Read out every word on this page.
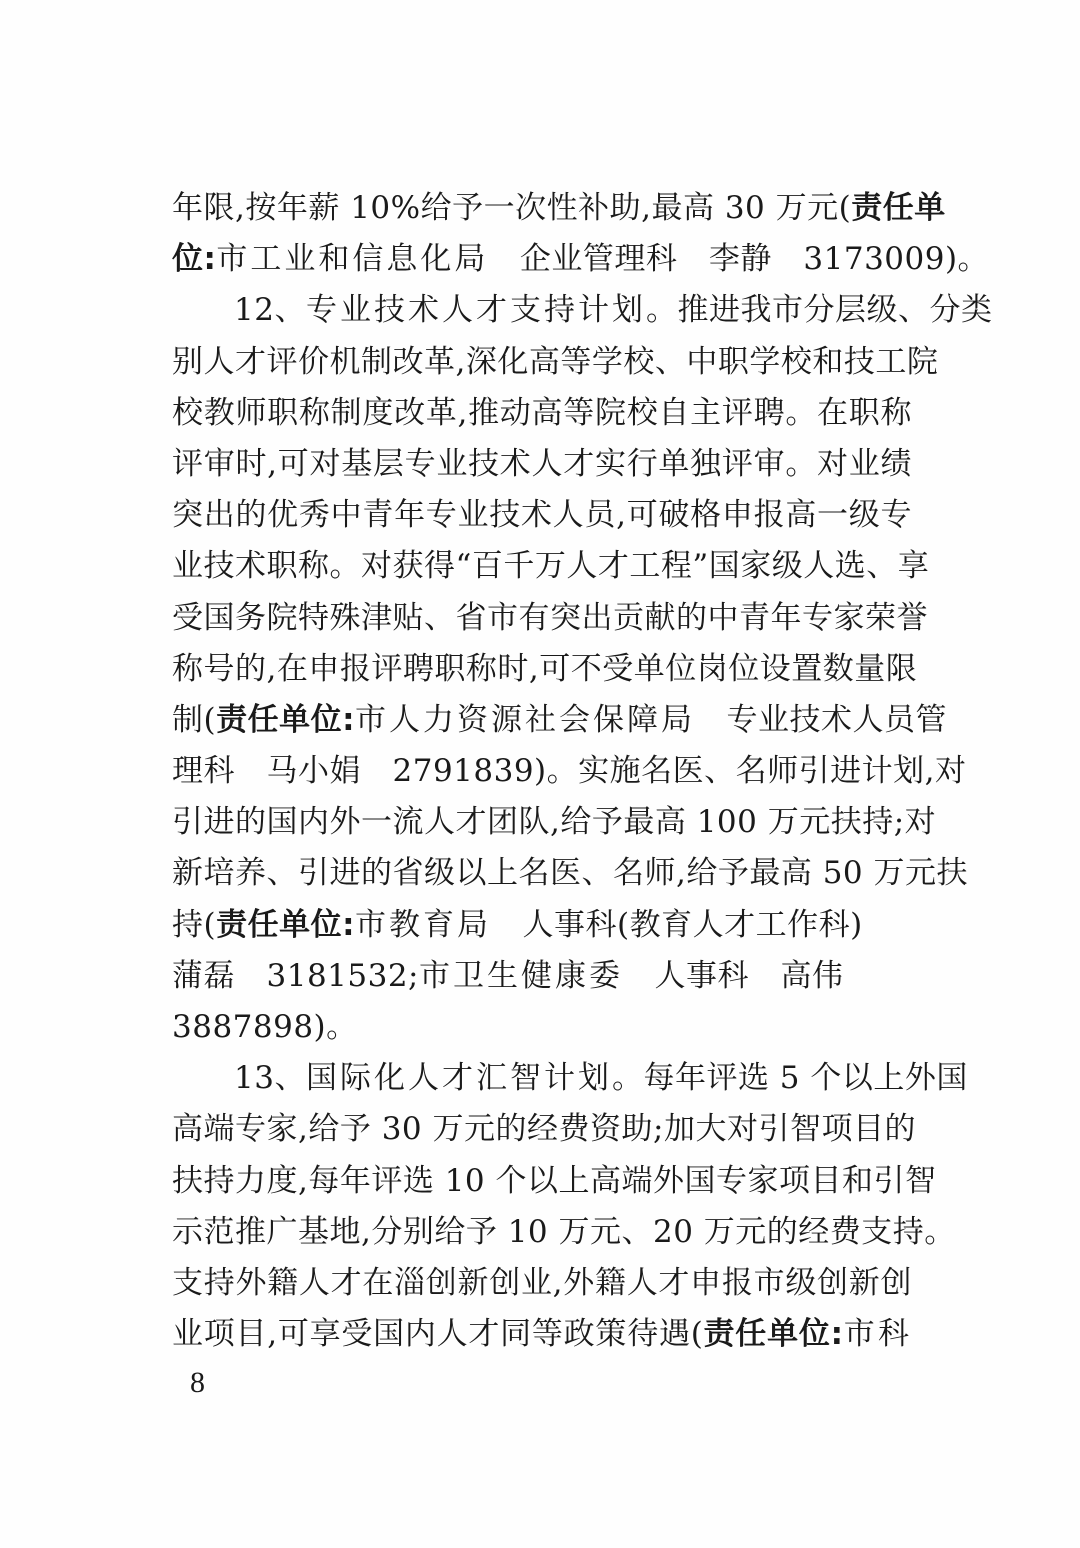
年限,按年薪 10%给予一次性补助,最高 30 万元(责任单
位:市工业和信息化局　企业管理科　李静　3173009)。
12、专业技术人才支持计划。推进我市分层级、分类
别人才评价机制改革,深化高等学校、中职学校和技工院
校教师职称制度改革,推动高等院校自主评聘。在职称
评审时,可对基层专业技术人才实行单独评审。对业绩
突出的优秀中青年专业技术人员,可破格申报高一级专
业技术职称。对获得“百千万人才工程”国家级人选、享
受国务院特殊津贴、省市有突出贡献的中青年专家荣誉
称号的,在申报评聘职称时,可不受单位岗位设置数量限
制(责任单位:市人力资源社会保障局　专业技术人员管
理科　马小娟　2791839)。实施名医、名师引进计划,对
引进的国内外一流人才团队,给予最高 100 万元扶持;对
新培养、引进的省级以上名医、名师,给予最高 50 万元扶
持(责任单位:市教育局　人事科(教育人才工作科)
蒲磊　3181532;市卫生健康委　人事科　高伟
3887898)。
13、国际化人才汇智计划。每年评选 5 个以上外国
高端专家,给予 30 万元的经费资助;加大对引智项目的
扶持力度,每年评选 10 个以上高端外国专家项目和引智
示范推广基地,分别给予 10 万元、20 万元的经费支持。
支持外籍人才在淄创新创业,外籍人才申报市级创新创
业项目,可享受国内人才同等政策待遇(责任单位:市科
8
